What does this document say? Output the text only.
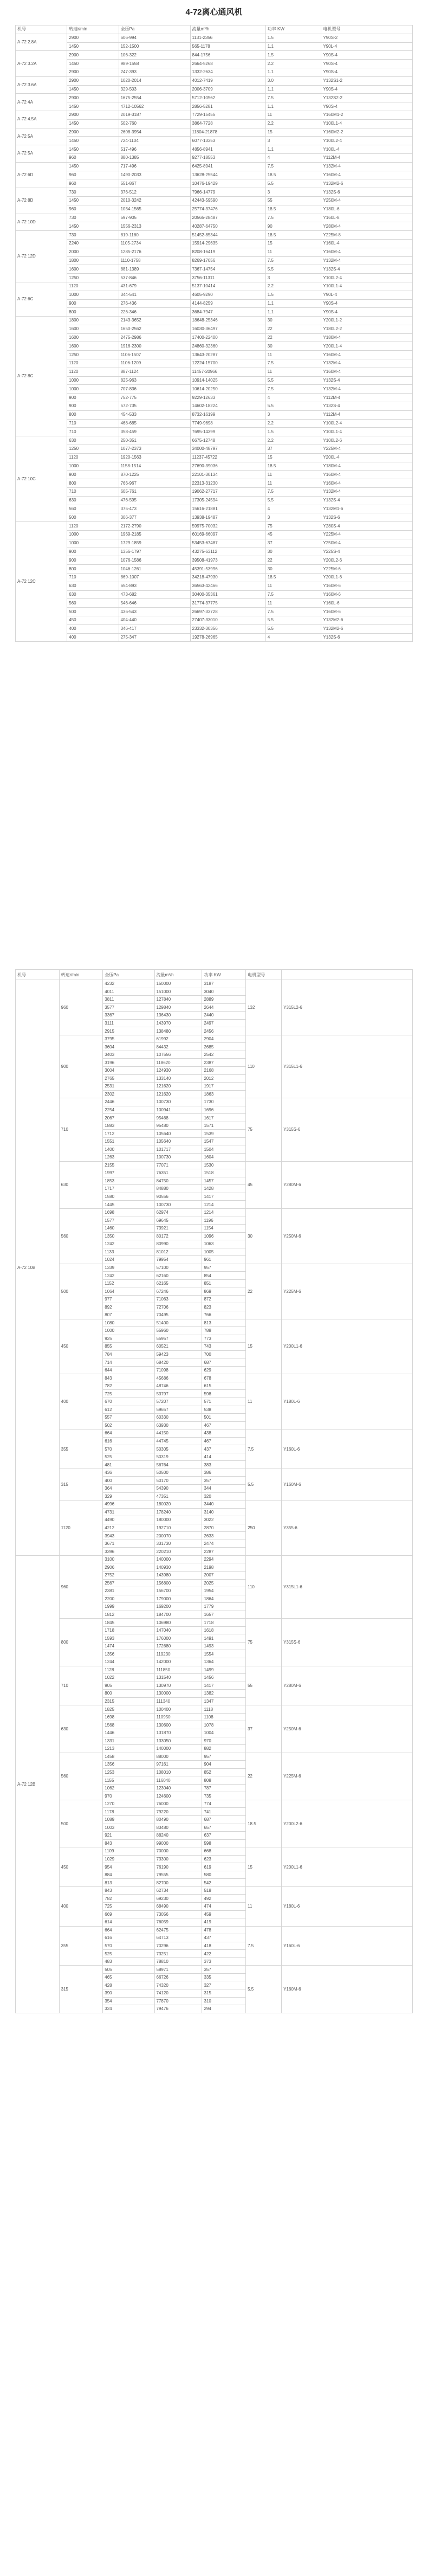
4-72离心通风机
机号	转速r/min	全压Pa	流量m³/h	功率 KW	电机型号
A-72 2.8A	2900	606-994	1131-2356	1.5	Y90S-2
	1450	152-1500	565-1178	1.1	Y90L-4
A-72 3.2A	2900	106-322	844-1756	1.5	Y90S-4
	1450	989-1558	2664-5268	2.2	Y90S-4
	2900	247-393	1332-2634	1.1	Y90S-4
A-72 3.6A	2900	1020-2014	4012-7419	3.0	Y132S1-2
	1450	329-503	2006-3709	1.1	Y90S-4
A-72 4A	2900	1675-2554	5712-10562	7.5	Y132S2-2
	1450	4712-10562	2856-5281	1.1	Y90S-4
A-72 4.5A	2900	2019-3187	7729-15455	11	Y160M1-2
	1450	502-760	3864-7728	2.2	Y100L1-4
A-72 5A	2900	2608-3954	11804-21878	15	Y160M2-2
	1450	724-1104	6077-13353	3	Y100L2-4
A-72 5A	1450	517-496	4856-8941	1.1	Y100L-4
	960	880-1385	9277-18553	4	Y112M-4
A-72 6D	1450	717-496	6425-8941	7.5	Y132M-4
	960	1490-2033	13628-25544	18.5	Y160M-4
	960	551-867	10476-19429	5.5	Y132M2-6
A-72 8D	730	376-512	7966-14779	3	Y132S-6
	1450	2010-3242	42443-59590	55	Y250M-4
	960	1034-1565	25774-37476	18.5	Y180L-6
A-72 10D	730	597-905	20565-28487	7.5	Y160L-8
	1450	1556-2313	40287-64750	90	Y280M-4
A-72 12D	730	819-1160	51452-85344	18.5	Y225M-8
	2240	1105-2734	15914-29635	15	Y160L-4
	2000	1285-2176	8208-16419	11	Y160M-4
	1800	1110-1758	8269-17056	7.5	Y132M-4
	1600	881-1389	7367-14754	5.5	Y132S-4
	1250	537-846	3756-11311	3	Y100L2-4
A-72 6C	1120	431-679	5137-10414	2.2	Y100L1-4
	1000	344-541	4605-9290	1.5	Y90L-4
	900	276-436	4144-8259	1.1	Y90S-4
	800	226-346	3684-7947	1.1	Y90S-4
A-72 8C	1800	2143-3652	18648-25346	30	Y200L1-2
	1600	1650-2562	16030-36497	22	Y180L2-2
	1600	2475-2986	17400-22400	22	Y180M-4
	1600	1916-2300	24860-32360	30	Y200L1-4
	1250	1106-1507	13643-20287	11	Y160M-4
	1120	1106-1209	12224-15700	7.5	Y132M-4
	1120	887-1124	11457-20966	11	Y160M-4
	1000	825-963	10914-14025	5.5	Y132S-4
	1000	707-836	10614-20250	7.5	Y132M-4
	900	752-775	9229-12633	4	Y112M-4
	900	572-735	14602-18224	5.5	Y132S-4
	800	454-533	8732-16199	3	Y112M-4
	710	468-685	7749-9698	2.2	Y100L2-4
	710	358-459	7695-14399	1.5	Y100L1-4
A-72 10C	630	250-351	6675-12748	2.2	Y100L2-6
	1250	1077-2373	34000-48797	37	Y225M-4
	1120	1920-1563	11237-45722	15	Y200L-4
	1000	1158-1514	27690-39036	18.5	Y180M-4
	900	870-1225	22101-30134	11	Y160M-4
	800	766-967	22313-31230	11	Y160M-4
	710	605-761	19062-27717	7.5	Y132M-4
	630	476-595	17305-24594	5.5	Y132S-4
	560	375-473	15616-21881	4	Y132M1-6
	500	306-377	13938-19487	3	Y132S-6
A-72 12C	1120	2172-2790	59975-70032	75	Y280S-4
	1000	1969-2185	60169-66097	45	Y225M-4
	1000	1729-1859	53453-67487	37	Y250M-4
	900	1356-1797	43275-63112	30	Y225S-4
	900	1076-1586	39508-41973	22	Y200L2-6
	800	1046-1261	45391-53996	30	Y225M-6
	710	869-1007	34218-47930	18.5	Y200L1-6
	630	654-893	36563-42466	11	Y160M-6
	630	473-682	30400-35361	7.5	Y160M-6
	560	546-646	31774-37775	11	Y160L-6
	500	436-543	26697-33728	7.5	Y160M-6
	450	404-440	27407-33010	5.5	Y132M2-6
	400	346-417	23332-30356	5.5	Y132M2-6
	400	275-347	19278-26965	4	Y132S-6
机号	转速r/min	全压Pa	流量m³/h	功率 KW	电机型号	
A-72 10B	960	4232	150000	3187	132	Y315L2-6
		4011	151000	3040		
		3811	127840	2889		
		3577	129840	2644		
		3367	136430	2440		
		3111	143970	2497		
		2915	138480	2456		
	900	3795	61992	2904	110	Y315L1-6
		3604	84432	2685		
		3403	107556	2542		
		3196	118620	2387		
		3004	124930	2168		
		2765	133140	2012		
		2531	121620	1917		
		2302	121620	1863		
	710	2446	100730	1730	75	Y315S-6
		2254	100941	1696		
		2067	95468	1617		
		1883	95480	1571		
		1712	105640	1539		
		1551	105640	1547		
		1400	101717	1504		
		1263	100730	1604		
	630	2155	77071	1530	45	Y280M-6
		1997	76351	1518		
		1853	84750	1457		
		1717	84880	1428		
		1580	90556	1417		
		1445	100730	1214		
	560	1698	62974	1214	30	Y250M-6
		1577	69645	1196		
		1460	73921	1154		
		1350	80172	1096		
		1242	80990	1063		
		1133	81012	1005		
		1024	79954	961		
	500	1339	57100	957	22	Y225M-6
		1242	62160	854		
		1152	62165	851		
		1064	67246	869		
		977	71063	872		
		892	72706	823		
		807	70495	766		
	450	1080	51400	813	15	Y200L1-6
		1000	55960	788		
		925	55957	773		
		855	60521	743		
		784	59423	700		
		714	68420	687		
		644	71098	629		
	400	843	45686	678	11	Y180L-6
		782	48746	615		
		725	53797	598		
		670	57207	571		
		612	59657	538		
		557	60330	501		
		502	63930	467		
	355	664	44150	438	7.5	Y160L-6
		616	44745	467		
		570	50305	437		
		525	50319	414		
		481	56764	383		
	315	436	50500	386	5.5	Y160M-6
		400	50170	357		
		364	54390	344		
		329	47351	320		
	1120	4996	180020	3440	250	Y355-6
		4731	178240	3140		
		4490	180000	3022		
		4212	192710	2870		
		3943	200070	2633		
		3671	331730	2474		
		3396	220210	2287		
A-72 12B	960	3100	140000	2294	110	Y315L1-6
		2906	140930	2198		
		2752	143980	2007		
		2567	156800	2025		
		2381	156700	1954		
		2200	179000	1864		
		1999	169200	1779		
		1812	184700	1657		
	800	1845	106980	1718	75	Y315S-6
		1718	147040	1618		
		1593	176000	1491		
		1474	172680	1493		
		1356	119230	1554		
		1244	142000	1364		
	710	1128	111850	1499	55	Y280M-6
		1022	131540	1456		
		905	130970	1417		
		800	130000	1382		
		2315	111340	1347		
	630	1825	100400	1118	37	Y250M-6
		1698	110950	1108		
		1568	130600	1078		
		1446	131870	1004		
		1331	133050	970		
		1213	140000	882		
	560	1458	88000	957	22	Y225M-6
		1356	97161	904		
		1253	108010	852		
		1155	116040	808		
		1062	123040	787		
		970	124600	735		
	500	1270	76000	774	18.5	Y200L2-6
		1178	79220	741		
		1089	80490	687		
		1003	83480	657		
		921	88240	637		
		843	99000	598		
	450	1109	70000	668	15	Y200L1-6
		1029	73300	623		
		954	76190	619		
		884	79555	580		
		813	82700	542		
	400	843	62734	518	11	Y180L-6
		782	69230	492		
		725	68490	474		
		669	73056	459		
		614	76059	419		
	355	664	62475	478	7.5	Y160L-6
		616	64713	437		
		570	70296	418		
		525	73251	422		
		483	78810	373		
	315	505	58971	357	5.5	Y160M-6
		465	66726	335		
		428	74320	327		
		390	74120	315		
		354	77870	310		
		324	79476	294		
